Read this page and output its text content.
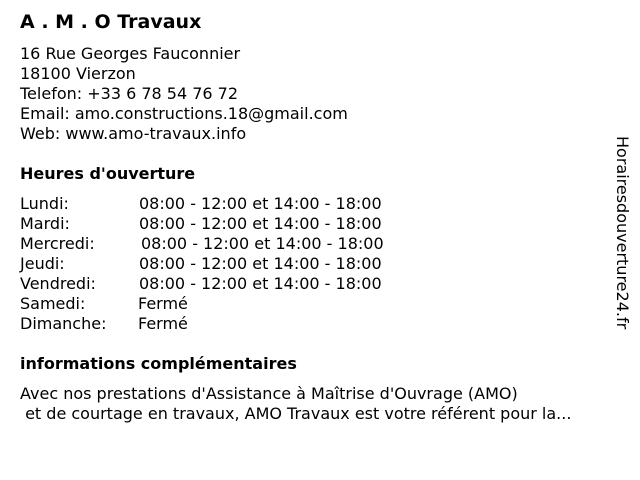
A . M . O Travaux
16 Rue Georges Fauconnier
18100 Vierzon
Telefon: +33 6 78 54 76 72
Email: amo.constructions.18@gmail.com
Web: www.amo-travaux.info
Heures d'ouverture
Lundi:	08:00 - 12:00 et 14:00 - 18:00
Mardi:	08:00 - 12:00 et 14:00 - 18:00
Mercredi:	08:00 - 12:00 et 14:00 - 18:00
Jeudi:	08:00 - 12:00 et 14:00 - 18:00
Vendredi:	08:00 - 12:00 et 14:00 - 18:00
Samedi:	Fermé
Dimanche: Fermé
informations complémentaires
Avec nos prestations d'Assistance à Maîtrise d'Ouvrage (AMO)
et de courtage en travaux, AMO Travaux est votre référent pour la...
Horairesdouverture24.fr
